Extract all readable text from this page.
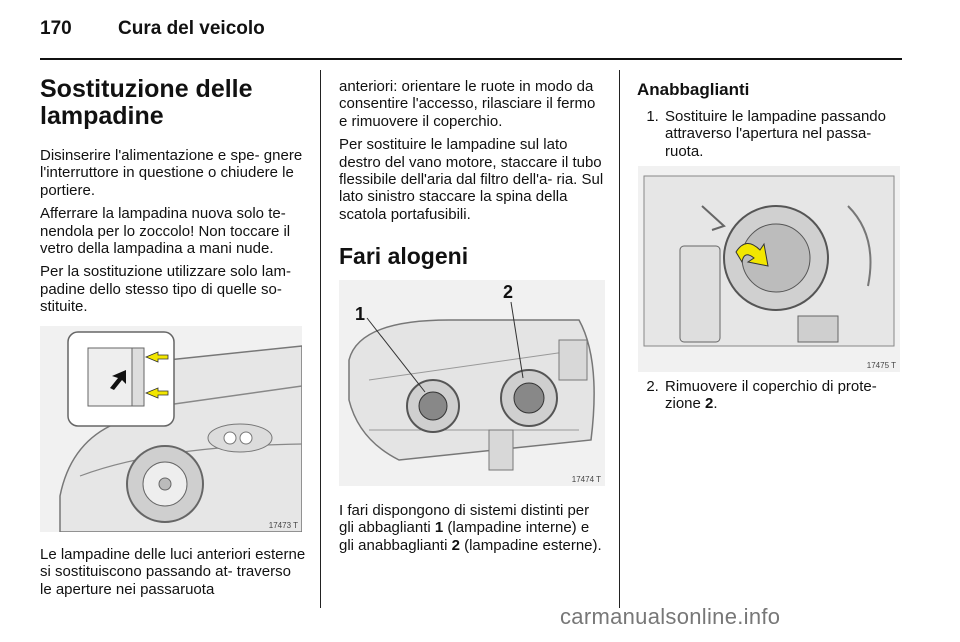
170 Cura del veicolo
Sostituzione delle lampadine

Disinserire l'alimentazione e spe- gnere l'interruttore in questione o chiudere le portiere.

Afferrare la lampadina nuova solo te- nendola per lo zoccolo! Non toccare il vetro della lampadina a mani nude.

Per la sostituzione utilizzare solo lam- padine dello stesso tipo di quelle so- stituite.

17473 T

Le lampadine delle luci anteriori esterne si sostituiscono passando at- traverso le aperture nei passaruota

anteriori: orientare le ruote in modo da consentire l'accesso, rilasciare il fermo e rimuovere il coperchio.

Per sostituire le lampadine sul lato destro del vano motore, staccare il tubo flessibile dell'aria dal filtro dell'a- ria. Sul lato sinistro staccare la spina della scatola portafusibili.

Fari alogeni
1
2
17474 T

I fari dispongono di sistemi distinti per gli abbaglianti 1 (lampadine interne) e gli anabbaglianti 2 (lampadine esterne).

Anabbaglianti
1. Sostituire le lampadine passando attraverso l'apertura nel passa- ruota.
17475 T
2. Rimuovere il coperchio di prote- zione 2.
carmanualsonline.info
